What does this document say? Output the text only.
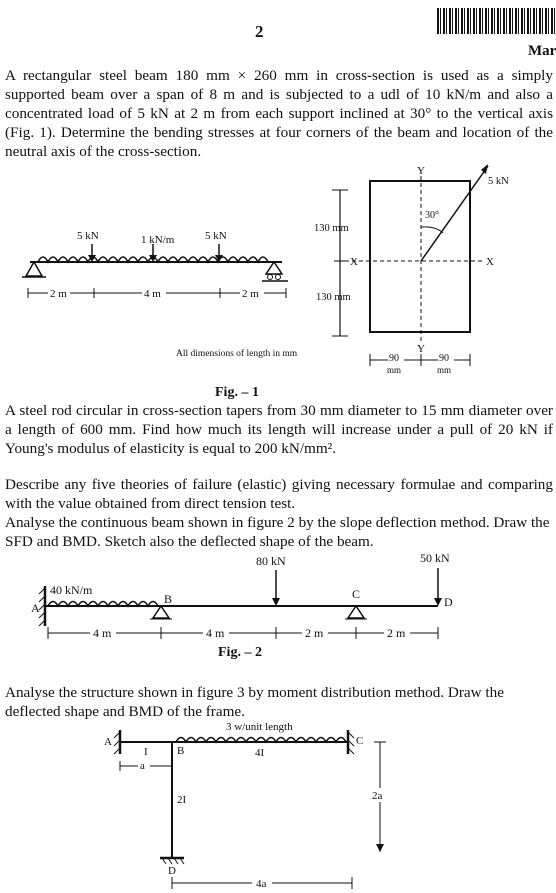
2
Mar

A rectangular steel beam 180 mm × 260 mm in cross-section is used as a simply supported beam over a span of 8 m and is subjected to a udl of 10 kN/m and also a concentrated load of 5 kN at 2 m from each support inclined at 30° to the vertical axis (Fig. 1). Determine the bending stresses at four corners of the beam and location of the neutral axis of the cross-section.

5 kN	1 kN/m	5 kN
2 m	4 m	2 m
130 mm
130 mm
Y
Y
X	X
30°
5 kN
90	90
mm	mm
All dimensions of length in mm
Fig. – 1

A steel rod circular in cross-section tapers from 30 mm diameter to 15 mm diameter over a length of 600 mm. Find how much its length will increase under a pull of 20 kN if Young's modulus of elasticity is equal to 200 kN/mm².

Describe any five theories of failure (elastic) giving necessary formulae and comparing with the value obtained from direct tension test.

Analyse the continuous beam shown in figure 2 by the slope deflection method. Draw the SFD and BMD. Sketch also the deflected shape of the beam.

80 kN	50 kN
40 kN/m
A
B	C
D
4 m	4 m	2 m	2 m
Fig. – 2

Analyse the structure shown in figure 3 by moment distribution method. Draw the deflected shape and BMD of the frame.

3 w/unit length
A	C
D
B
I	4I
2I
a
2a
4a
